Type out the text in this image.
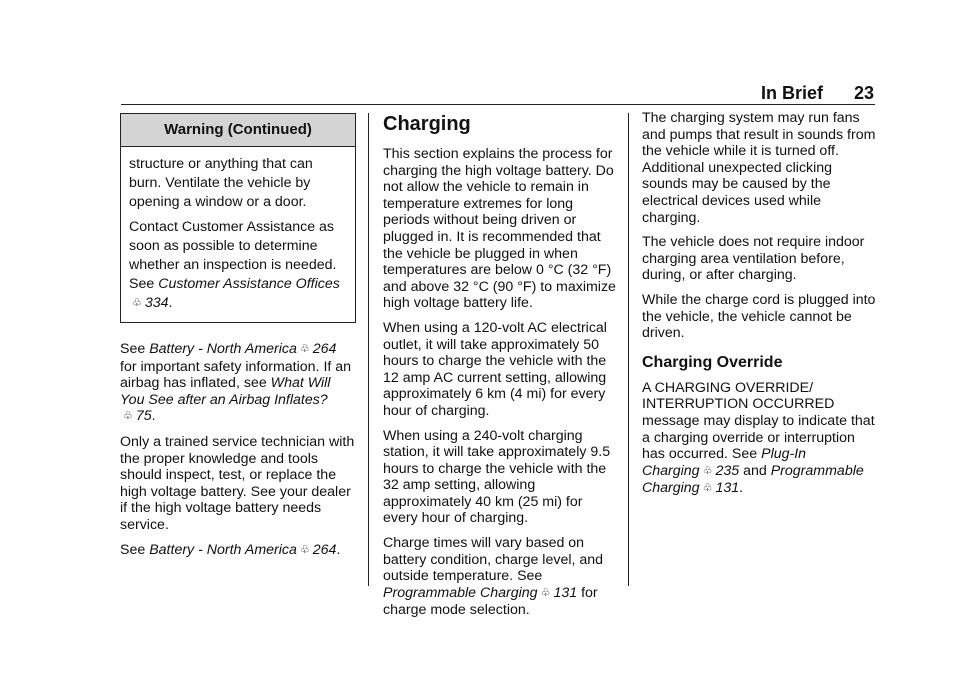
In Brief 23
Warning (Continued)

structure or anything that can burn. Ventilate the vehicle by opening a window or a door.

Contact Customer Assistance as soon as possible to determine whether an inspection is needed. See Customer Assistance Offices
♧ 334.

See Battery - North America ♧ 264 for important safety information. If an airbag has inflated, see What Will You See after an Airbag Inflates?♧ 75.

Only a trained service technician with the proper knowledge and tools should inspect, test, or replace the high voltage battery. See your dealer if the high voltage battery needs service.

See Battery - North America ♧ 264.

Charging

This section explains the process for charging the high voltage battery. Do not allow the vehicle to remain in temperature extremes for long periods without being driven or plugged in. It is recommended that the vehicle be plugged in when temperatures are below 0 °C (32 °F) and above 32 °C (90 °F) to maximize high voltage battery life.

When using a 120-volt AC electrical outlet, it will take approximately 50 hours to charge the vehicle with the 12 amp AC current setting, allowing approximately 6 km (4 mi) for every hour of charging.

When using a 240-volt charging station, it will take approximately 9.5 hours to charge the vehicle with the 32 amp setting, allowing approximately 40 km (25 mi) for every hour of charging.

Charge times will vary based on battery condition, charge level, and outside temperature. See Programmable Charging ♧ 131 for charge mode selection.

The charging system may run fans and pumps that result in sounds from the vehicle while it is turned off. Additional unexpected clicking sounds may be caused by the electrical devices used while charging.

The vehicle does not require indoor charging area ventilation before, during, or after charging.

While the charge cord is plugged into the vehicle, the vehicle cannot be driven.

Charging Override

A CHARGING OVERRIDE/ INTERRUPTION OCCURRED message may display to indicate that a charging override or interruption has occurred. See Plug-In Charging ♧ 235 and Programmable Charging ♧ 131.
